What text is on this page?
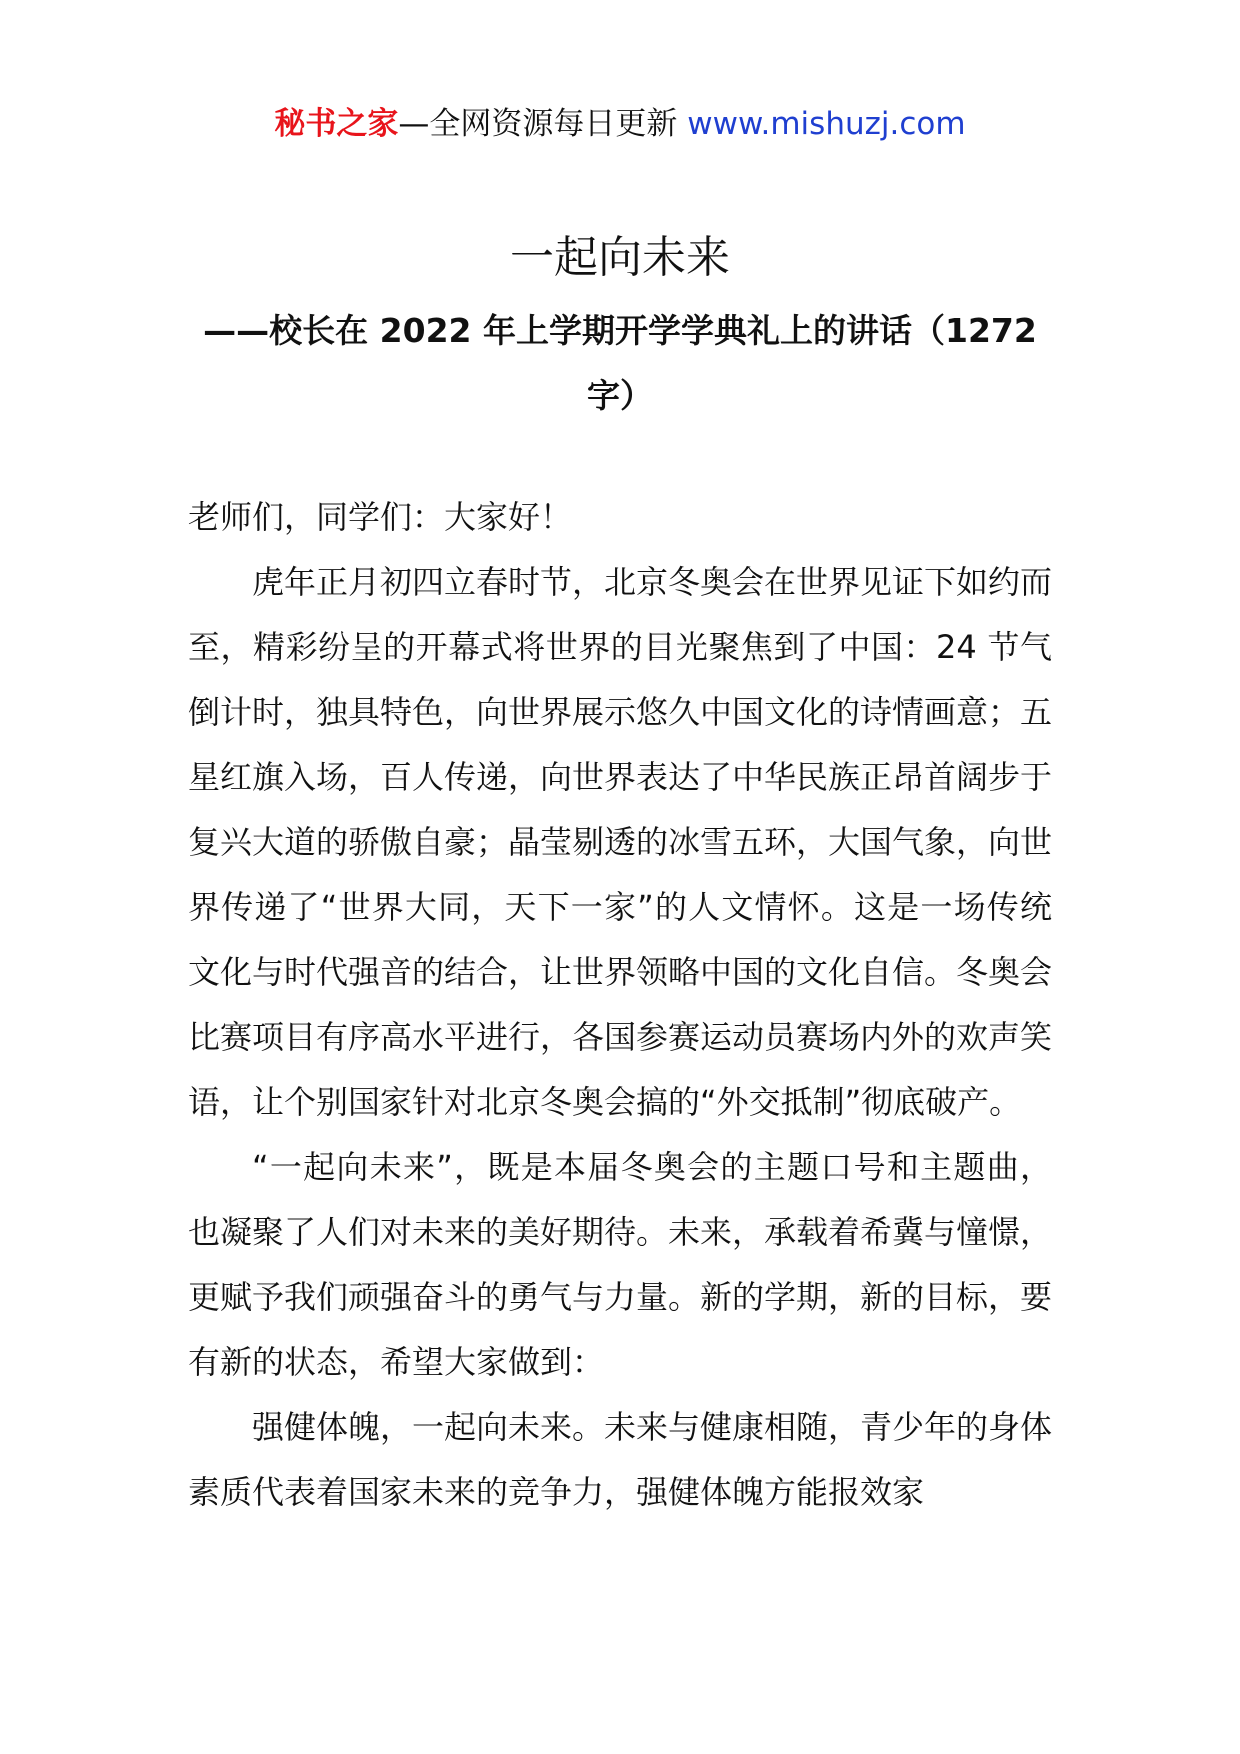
秘书之家—全网资源每日更新 www.mishuzj.com
一起向未来
——校长在 2022 年上学期开学学典礼上的讲话（1272 字）

老师们，同学们：大家好！

虎年正月初四立春时节，北京冬奥会在世界见证下如约而至，精彩纷呈的开幕式将世界的目光聚焦到了中国：24 节气倒计时，独具特色，向世界展示悠久中国文化的诗情画意；五星红旗入场，百人传递，向世界表达了中华民族正昂首阔步于复兴大道的骄傲自豪；晶莹剔透的冰雪五环，大国气象，向世界传递了“世界大同，天下一家”的人文情怀。这是一场传统文化与时代强音的结合，让世界领略中国的文化自信。冬奥会比赛项目有序高水平进行，各国参赛运动员赛场内外的欢声笑语，让个别国家针对北京冬奥会搞的“外交抵制”彻底破产。

“一起向未来”，既是本届冬奥会的主题口号和主题曲，也凝聚了人们对未来的美好期待。未来，承载着希冀与憧憬，更赋予我们顽强奋斗的勇气与力量。新的学期，新的目标，要有新的状态，希望大家做到：

强健体魄，一起向未来。未来与健康相随，青少年的身体素质代表着国家未来的竞争力，强健体魄方能报效家
